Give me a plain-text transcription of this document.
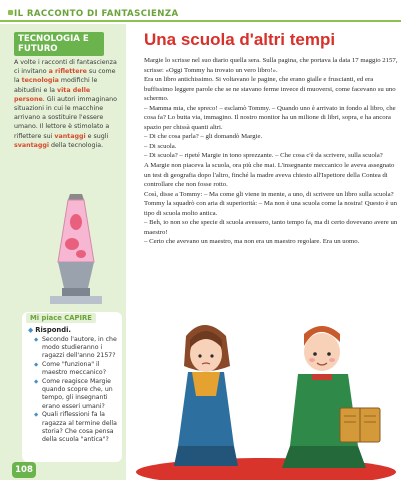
IL RACCONTO DI FANTASCIENZA
TECNOLOGIA E FUTURO
A volte i racconti di fantascienza ci invitano a riflettere su come la tecnologia modifichi le abitudini e la vita delle persone. Gli autori immaginano situazioni in cui le macchine arrivano a sostituire l'essere umano. Il lettore è stimolato a riflettere sui vantaggi e sugli svantaggi della tecnologia.
Mi piace CAPIRE
◆ Rispondi.
◆ Secondo l'autore, in che modo studieranno i ragazzi dell'anno 2157?
◆ Come "funziona" il maestro meccanico?
◆ Come reagisce Margie quando scopre che, un tempo, gli insegnanti erano esseri umani?
◆ Quali riflessioni fa la ragazza al termine della storia? Che cosa pensa della scuola "antica"?
108
Una scuola d'altri tempi

Margie lo scrisse nel suo diario quella sera. Sulla pagina, che portava la data 17 maggio 2157, scrisse: «Oggi Tommy ha trovato un vero libro!».

Era un libro antichissimo. Si voltavano le pagine, che erano gialle e fruscianti, ed era buffissimo leggere parole che se ne stavano ferme invece di muoversi, come facevano su uno schermo.

– Mamma mia, che spreco! – esclamò Tommy. – Quando uno è arrivato in fondo al libro, che cosa fa? Lo butta via, immagino. Il nostro monitor ha un milione di libri, sopra, e ha ancora spazio per chissà quanti altri.

– Di che cosa parla? – gli domandò Margie.

– Di scuola.

– Di scuola? – ripeté Margie in tono sprezzante. – Che cosa c'è da scrivere, sulla scuola?

A Margie non piaceva la scuola, ora più che mai. L'insegnante meccanico le aveva assegnato un test di geografia dopo l'altro, finché la madre aveva chiesto all'Ispettore della Contea di controllare che non fosse rotto.

Così, disse a Tommy: – Ma come gli viene in mente, a uno, di scrivere un libro sulla scuola?

Tommy la squadrò con aria di superiorità: – Ma non è una scuola come la nostra! Questo è un tipo di scuola molto antica.

– Beh, io non so che specie di scuola avessero, tanto tempo fa, ma di certo dovevano avere un maestro!

– Certo che avevano un maestro, ma non era un maestro regolare. Era un uomo.
